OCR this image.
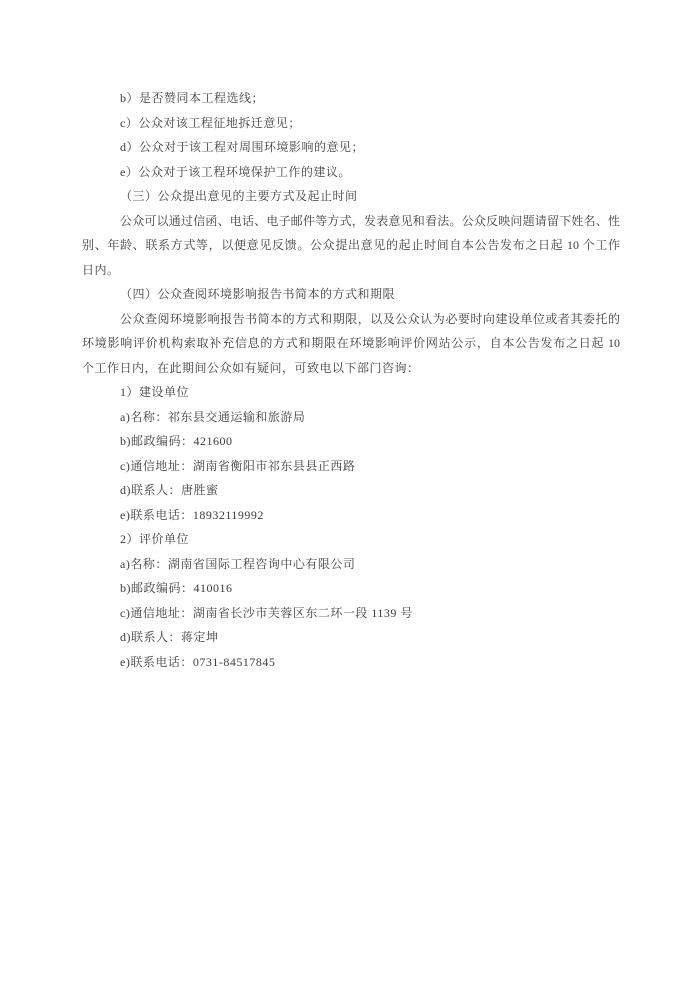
b）是否赞同本工程选线；
c）公众对该工程征地拆迁意见；
d）公众对于该工程对周围环境影响的意见；
e）公众对于该工程环境保护工作的建议。
（三）公众提出意见的主要方式及起止时间
公众可以通过信函、电话、电子邮件等方式，发表意见和看法。公众反映问题请留下姓名、性
别、年龄、联系方式等，以便意见反馈。公众提出意见的起止时间自本公告发布之日起 10 个工作
日内。
（四）公众查阅环境影响报告书简本的方式和期限
公众查阅环境影响报告书简本的方式和期限，以及公众认为必要时向建设单位或者其委托的
环境影响评价机构索取补充信息的方式和期限在环境影响评价网站公示，自本公告发布之日起 10
个工作日内，在此期间公众如有疑问，可致电以下部门咨询：
1）建设单位
a)名称：祁东县交通运输和旅游局
b)邮政编码：421600
c)通信地址：湖南省衡阳市祁东县县正西路
d)联系人：唐胜蜜
e)联系电话：18932119992
2）评价单位
a)名称：湖南省国际工程咨询中心有限公司
b)邮政编码：410016
c)通信地址：湖南省长沙市芙蓉区东二环一段 1139 号
d)联系人：蒋定坤
e)联系电话：0731-84517845
